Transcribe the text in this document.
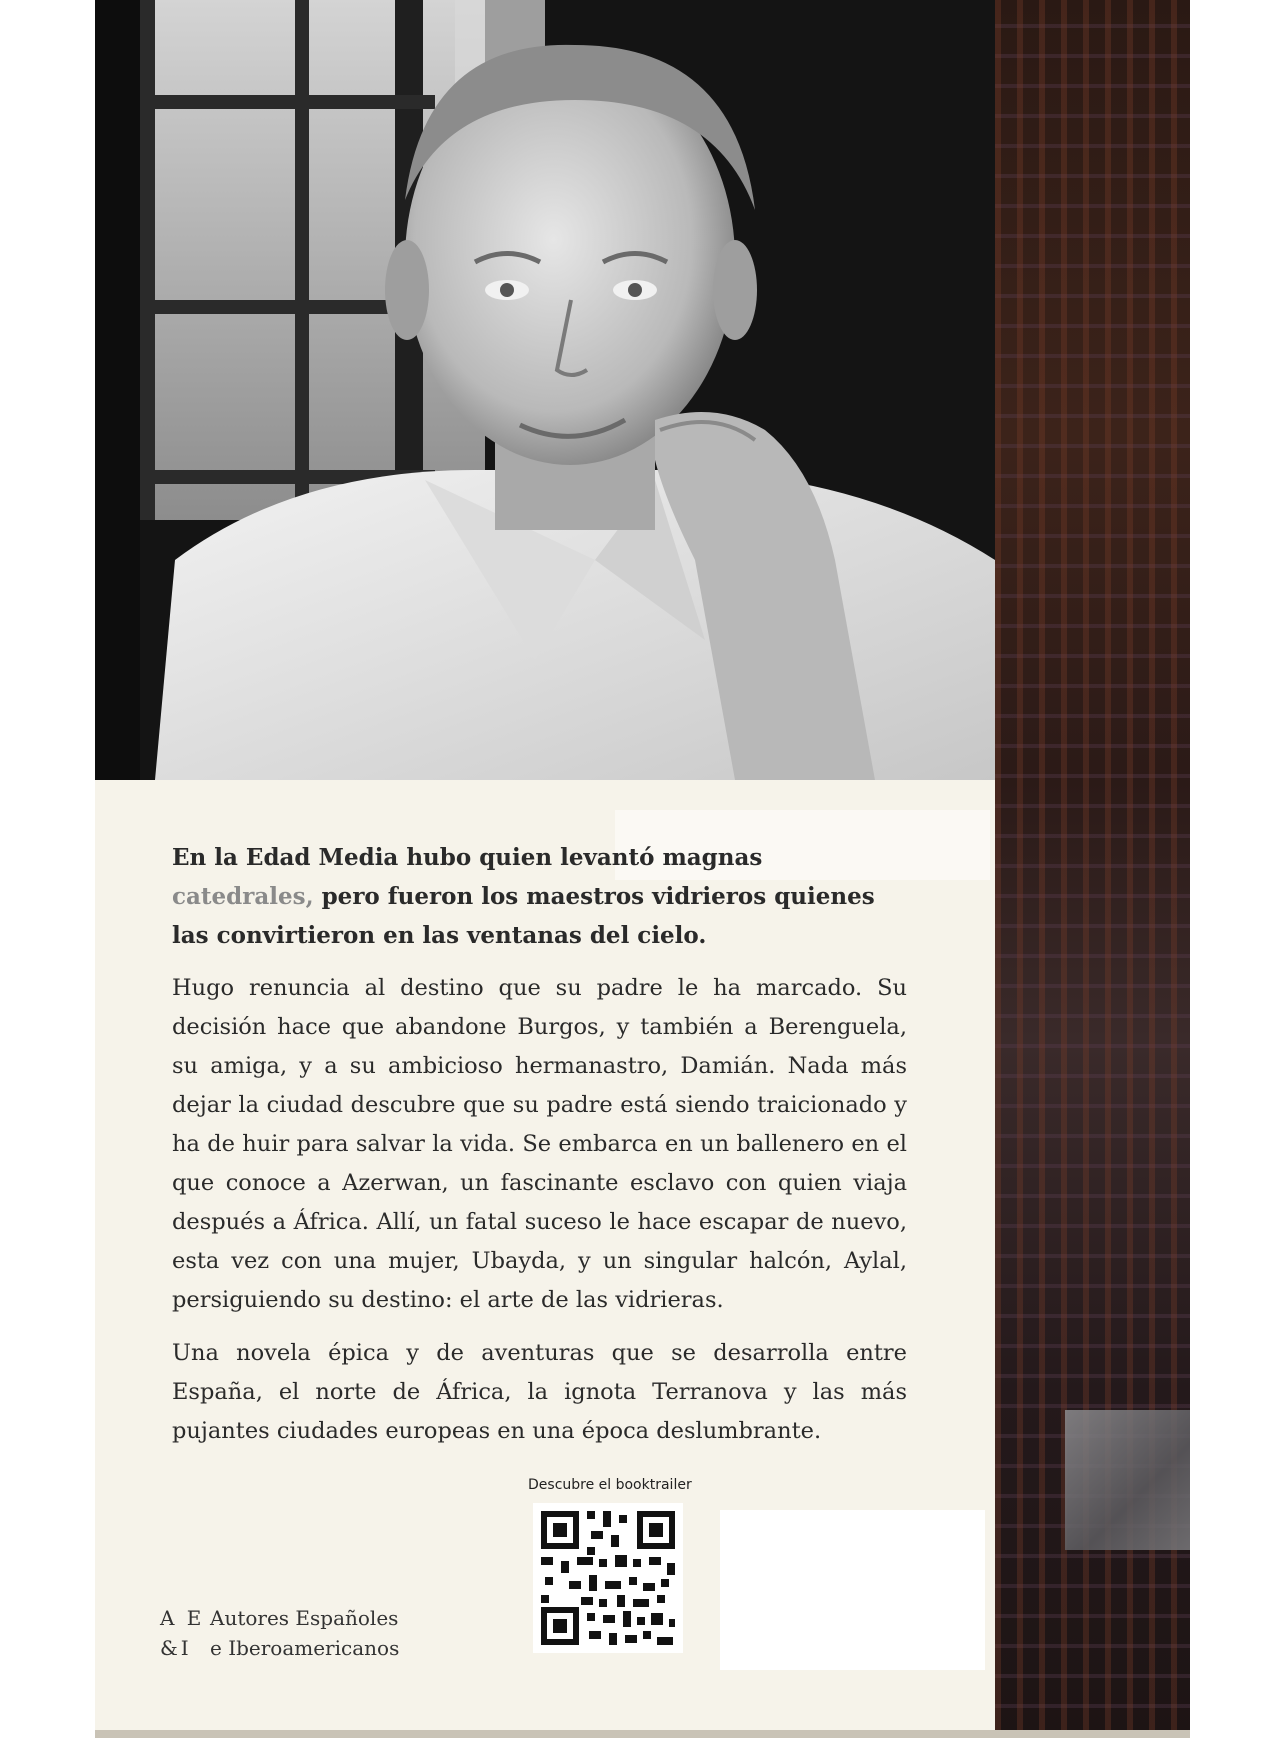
En la Edad Media hubo quien levantó magnas catedrales, pero fueron los maestros vidrieros quienes las convirtieron en las ventanas del cielo.

Hugo renuncia al destino que su padre le ha marcado. Su decisión hace que abandone Burgos, y también a Berenguela, su amiga, y a su ambicioso hermanastro, Damián. Nada más dejar la ciudad descubre que su padre está siendo traicionado y ha de huir para salvar la vida. Se embarca en un ballenero en el que conoce a Azerwan, un fascinante esclavo con quien viaja después a África. Allí, un fatal suceso le hace escapar de nuevo, esta vez con una mujer, Ubayda, y un singular halcón, Aylal, persiguiendo su destino: el arte de las vidrieras.

Una novela épica y de aventuras que se desarrolla entre España, el norte de África, la ignota Terranova y las más pujantes ciudades europeas en una época deslumbrante.

Descubre el booktrailer
A E Autores Españoles
&I e Iberoamericanos
